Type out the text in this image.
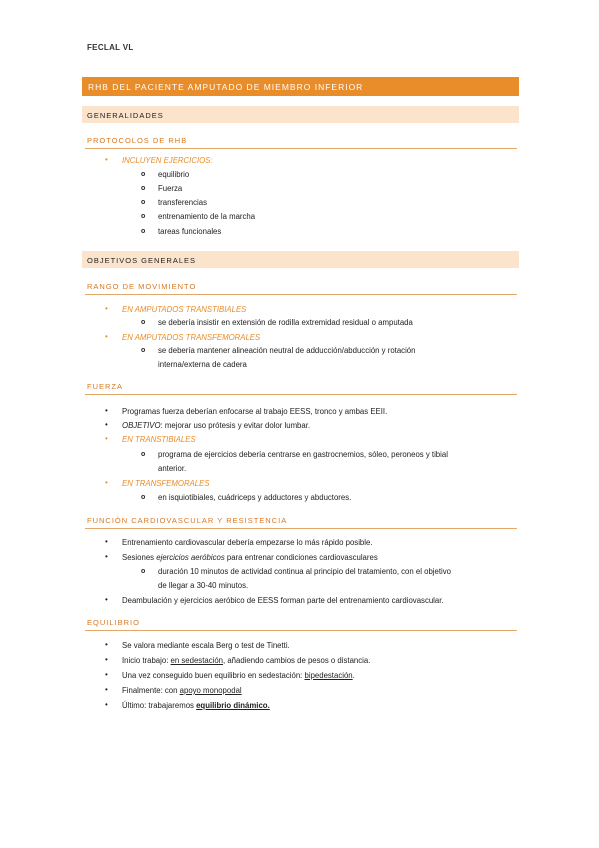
FECLAL VL
RHB DEL PACIENTE AMPUTADO DE MIEMBRO INFERIOR
GENERALIDADES
PROTOCOLOS DE RHB
• INCLUYEN EJERCICIOS:
o equilibrio
o Fuerza
o transferencias
o entrenamiento de la marcha
o tareas funcionales
OBJETIVOS GENERALES
RANGO DE MOVIMIENTO
• EN AMPUTADOS TRANSTIBIALES
o se debería insistir en extensión de rodilla extremidad residual o amputada
• EN AMPUTADOS TRANSFEMORALES
o se debería mantener alineación neutral de adducción/abducción y rotación
interna/externa de cadera
FUERZA
• Programas fuerza deberían enfocarse al trabajo EESS, tronco y ambas EEII.
• OBJETIVO: mejorar uso prótesis y evitar dolor lumbar.
• EN TRANSTIBIALES
o programa de ejercicios debería centrarse en gastrocnemios, sóleo, peroneos y tibial
anterior.
• EN TRANSFEMORALES
o en isquiotibiales, cuádriceps y adductores y abductores.
FUNCIÓN CARDIOVASCULAR Y RESISTENCIA
• Entrenamiento cardiovascular debería empezarse lo más rápido posible.
• Sesiones ejercicios aeróbicos para entrenar condiciones cardiovasculares
o duración 10 minutos de actividad continua al principio del tratamiento, con el objetivo
de llegar a 30-40 minutos.
• Deambulación y ejercicios aeróbico de EESS forman parte del entrenamiento cardiovascular.
EQUILIBRIO
• Se valora mediante escala Berg o test de Tinetti.
• Inicio trabajo: en sedestación, añadiendo cambios de pesos o distancia.
• Una vez conseguido buen equilibrio en sedestación: bipedestación.
• Finalmente: con apoyo monopodal
• Último: trabajaremos equilibrio dinámico.
